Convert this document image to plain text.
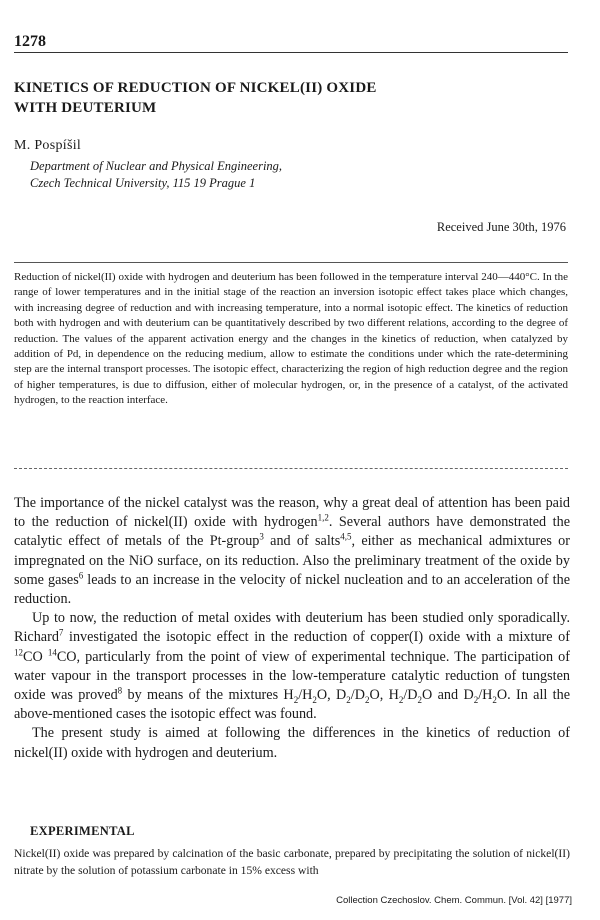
1278
KINETICS OF REDUCTION OF NICKEL(II) OXIDE
WITH DEUTERIUM
M. Pospíšil
Department of Nuclear and Physical Engineering,
Czech Technical University, 115 19 Prague 1
Received June 30th, 1976
Reduction of nickel(II) oxide with hydrogen and deuterium has been followed in the temperature interval 240—440°C. In the range of lower temperatures and in the initial stage of the reaction an inversion isotopic effect takes place which changes, with increasing degree of reduction and with increasing temperature, into a normal isotopic effect. The kinetics of reduction both with hydrogen and with deuterium can be quantitatively described by two different relations, according to the degree of reduction. The values of the apparent activation energy and the changes in the kinetics of reduction, when catalyzed by addition of Pd, in dependence on the reducing medium, allow to estimate the conditions under which the rate-determining step are the internal transport processes. The isotopic effect, characterizing the region of high reduction degree and the region of higher temperatures, is due to diffusion, either of molecular hydrogen, or, in the presence of a catalyst, of the activated hydrogen, to the reaction interface.

The importance of the nickel catalyst was the reason, why a great deal of attention has been paid to the reduction of nickel(II) oxide with hydrogen$^{1,2}$. Several authors have demonstrated the catalytic effect of metals of the Pt-group$^3$ and of salts$^{4,5}$, either as mechanical admixtures or impregnated on the NiO surface, on its reduction. Also the preliminary treatment of the oxide by some gases$^6$ leads to an increase in the velocity of nickel nucleation and to an acceleration of the reduction.

Up to now, the reduction of metal oxides with deuterium has been studied only sporadically. Richard$^7$ investigated the isotopic effect in the reduction of copper(I) oxide with a mixture of $^{12}$CO $^{14}$CO, particularly from the point of view of experimental technique. The participation of water vapour in the transport processes in the low-temperature catalytic reduction of tungsten oxide was proved$^8$ by means of the mixtures $H_2/H_2O$, $D_2/D_2O$, $H_2/D_2O$ and $D_2/H_2O$. In all the above-mentioned cases the isotopic effect was found.

The present study is aimed at following the differences in the kinetics of reduction of nickel(II) oxide with hydrogen and deuterium.

EXPERIMENTAL
Nickel(II) oxide was prepared by calcination of the basic carbonate, prepared by precipitating the solution of nickel(II) nitrate by the solution of potassium carbonate in 15% excess with
Collection Czechoslov. Chem. Commun. [Vol. 42] [1977]
